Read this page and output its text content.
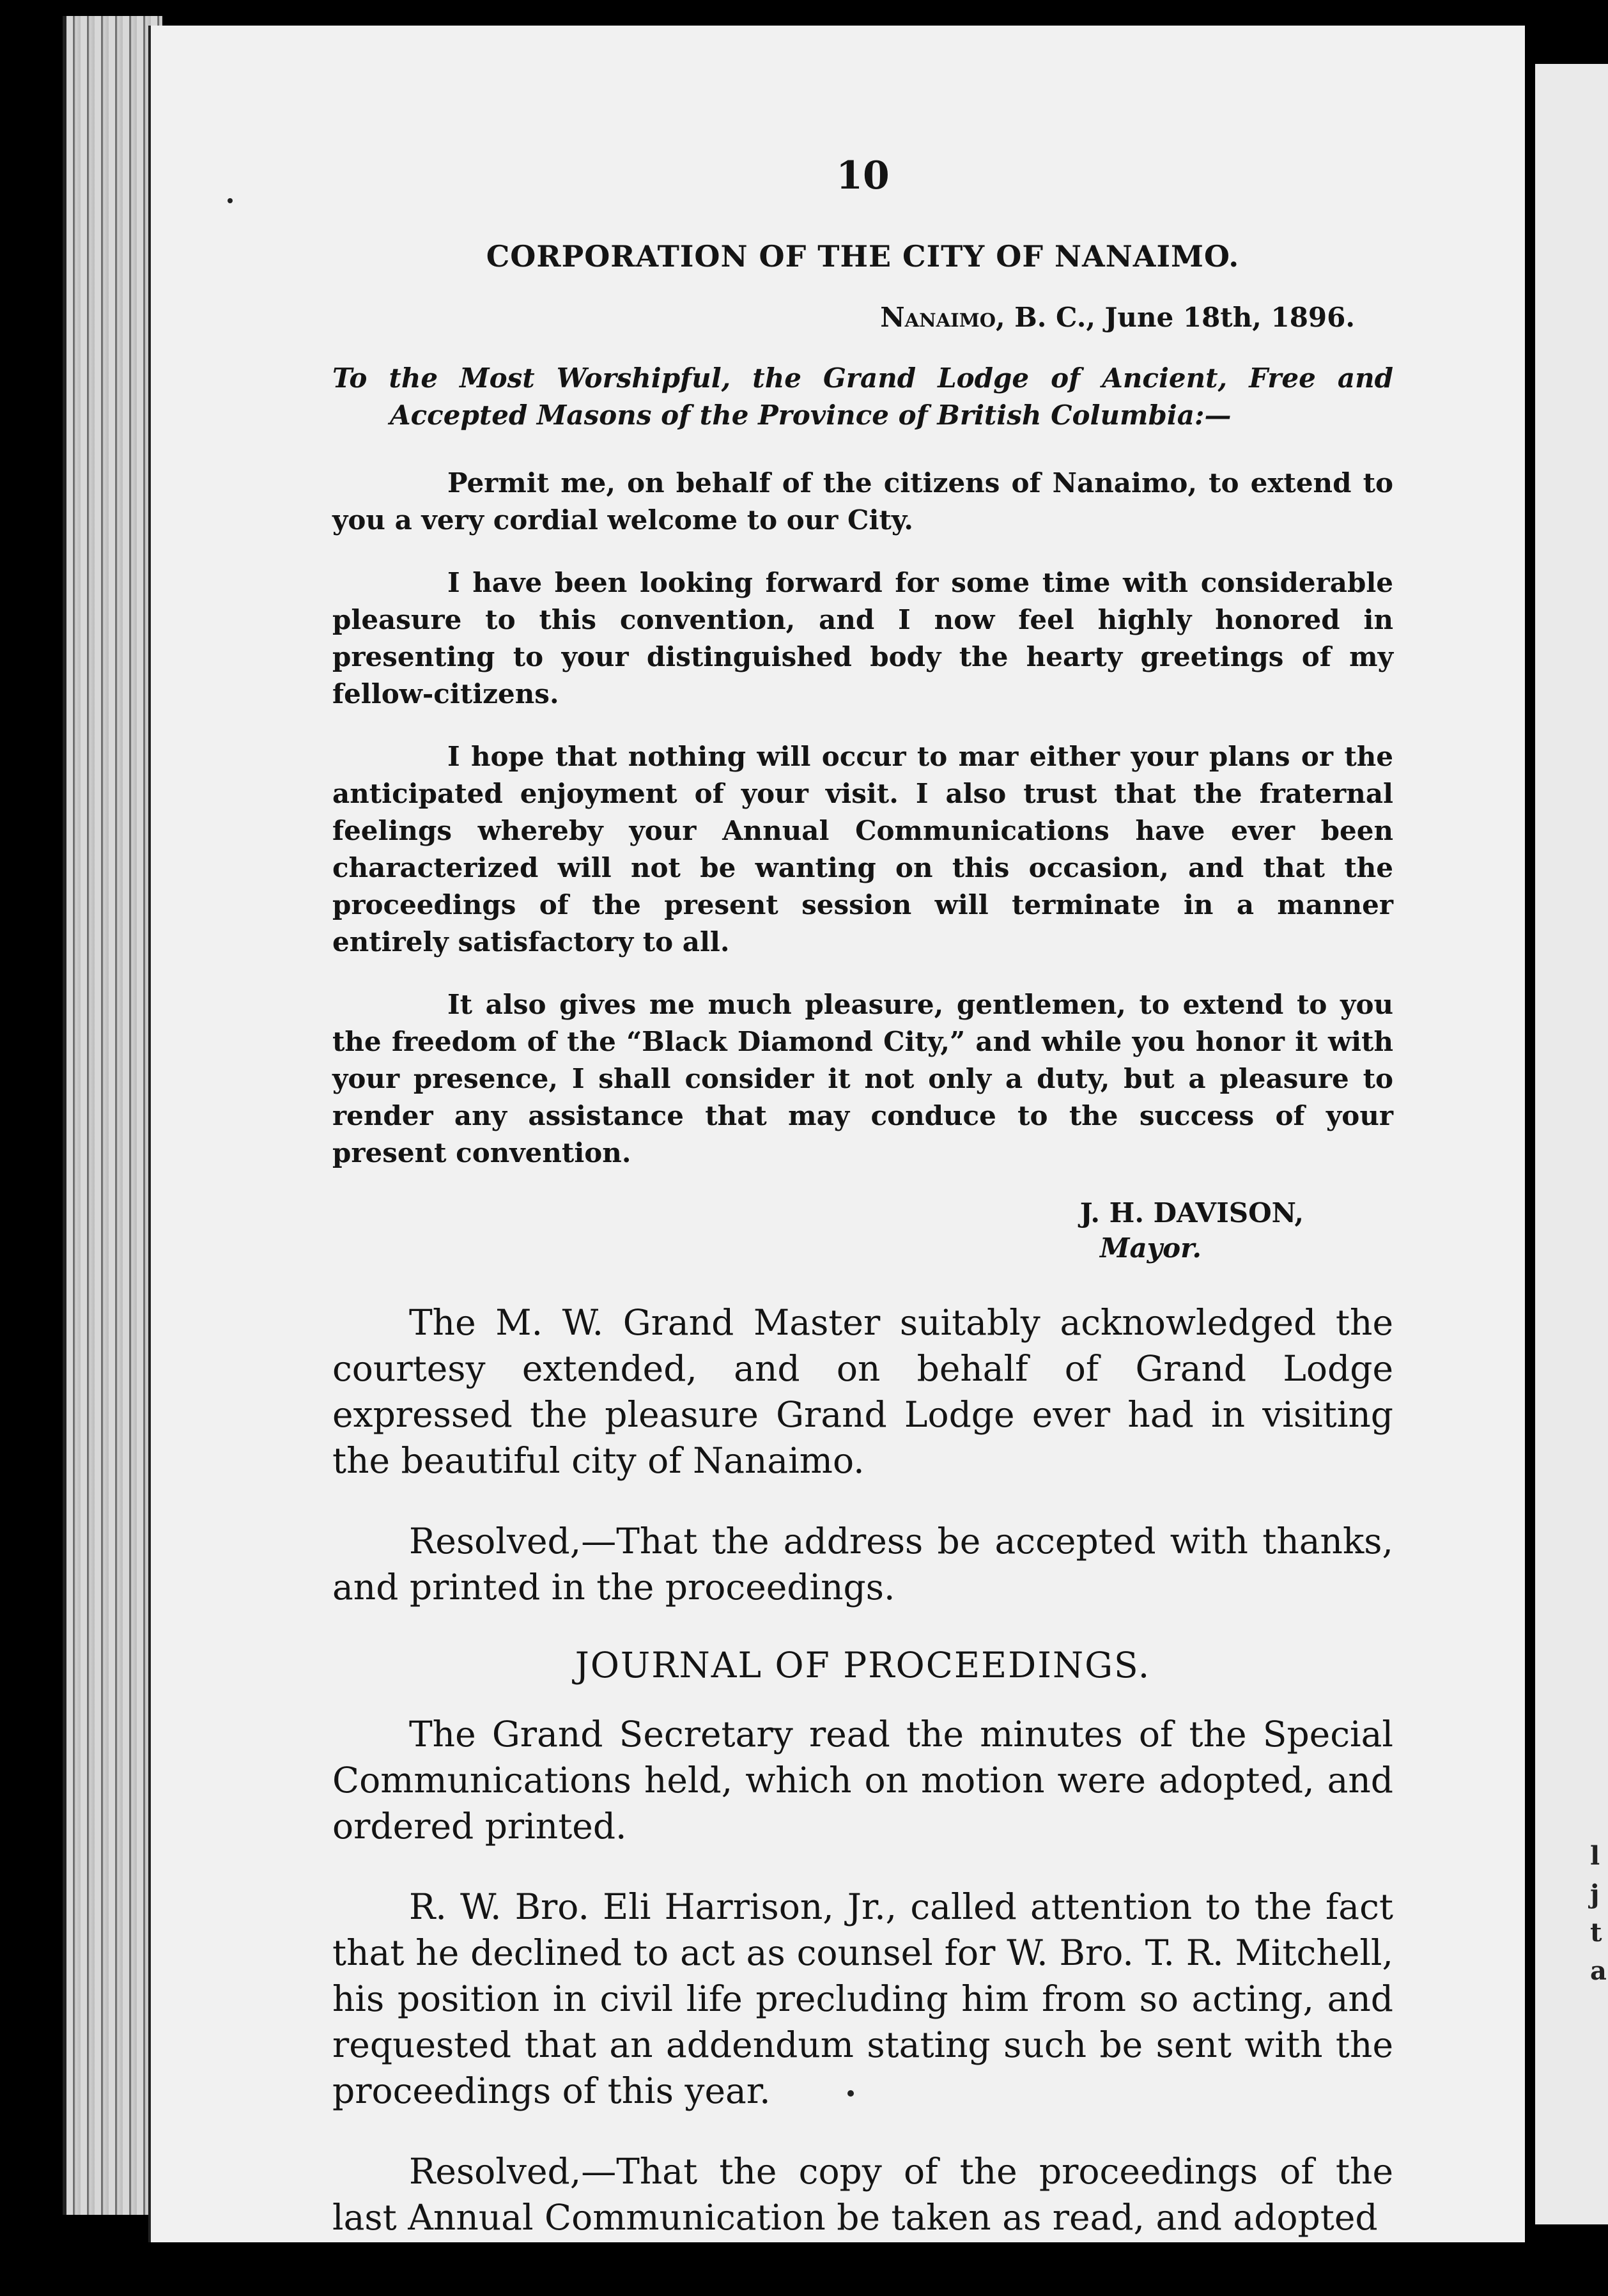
l
j
t
a
10
CORPORATION OF THE CITY OF NANAIMO.
Nanaimo, B. C., June 18th, 1896.
To the Most Worshipful, the Grand Lodge of Ancient, Free and Accepted Masons of the Province of British Columbia:—

Permit me, on behalf of the citizens of Nanaimo, to extend to you a very cordial welcome to our City.

I have been looking forward for some time with considerable pleasure to this convention, and I now feel highly honored in presenting to your distinguished body the hearty greetings of my fellow-citizens.

I hope that nothing will occur to mar either your plans or the anticipated enjoyment of your visit. I also trust that the fraternal feelings whereby your Annual Communications have ever been characterized will not be wanting on this occasion, and that the proceedings of the present session will terminate in a manner entirely satisfactory to all.

It also gives me much pleasure, gentlemen, to extend to you the freedom of the “Black Diamond City,” and while you honor it with your presence, I shall consider it not only a duty, but a pleasure to render any assistance that may conduce to the success of your present convention.

J. H. DAVISON,
Mayor.

The M. W. Grand Master suitably acknowledged the courtesy extended, and on behalf of Grand Lodge expressed the pleasure Grand Lodge ever had in visiting the beautiful city of Nanaimo.

Resolved,—That the address be accepted with thanks, and printed in the proceedings.

JOURNAL OF PROCEEDINGS.

The Grand Secretary read the minutes of the Special Communications held, which on motion were adopted, and ordered printed.

R. W. Bro. Eli Harrison, Jr., called attention to the fact that he declined to act as counsel for W. Bro. T. R. Mitchell, his position in civil life precluding him from so acting, and requested that an addendum stating such be sent with the proceedings of this year.

Resolved,—That the copy of the proceedings of the last Annual Communication be taken as read, and adopted
